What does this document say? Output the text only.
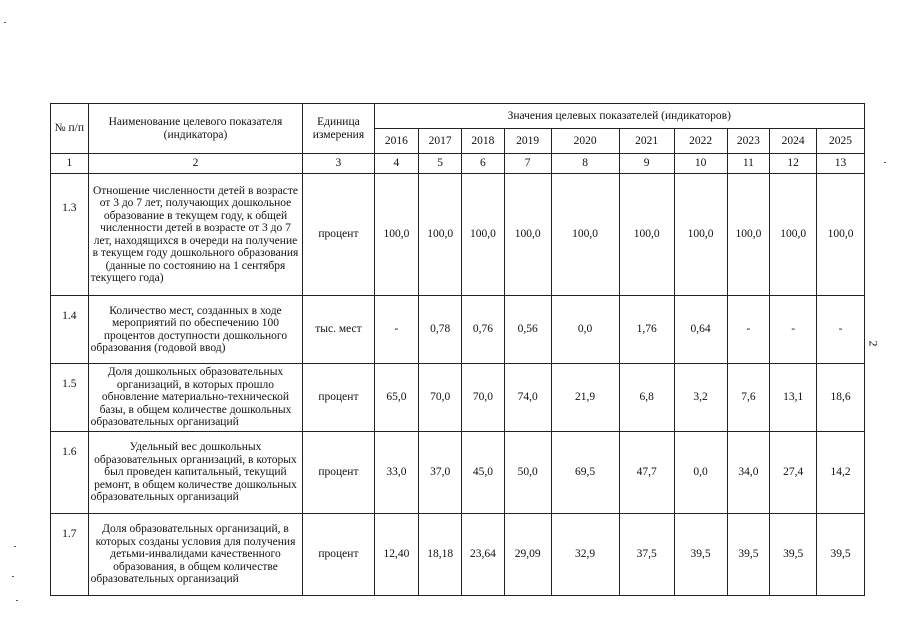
№ п/п	Наименование целевого показателя (индикатора)	Единица измерения	Значения целевых показателей (индикаторов)									
			2016	2017	2018	2019	2020	2021	2022	2023	2024	2025
1	2	3	4	5	6	7	8	9	10	11	12	13
1.3	Отношение численности детей в возрасте от 3 до 7 лет, получающих дошкольное образование в текущем году, к общей численности детей в возрасте от 3 до 7 лет, находящихся в очереди на получение в текущем году дошкольного образования (данные по состоянию на 1 сентября текущего года)	процент	100,0	100,0	100,0	100,0	100,0	100,0	100,0	100,0	100,0	100,0
1.4	Количество мест, созданных в ходе мероприятий по обеспечению 100 процентов доступности дошкольного образования (годовой ввод)	тыс. мест	-	0,78	0,76	0,56	0,0	1,76	0,64	-	-	-
1.5	Доля дошкольных образовательных организаций, в которых прошло обновление материально-технической базы, в общем количестве дошкольных образовательных организаций	процент	65,0	70,0	70,0	74,0	21,9	6,8	3,2	7,6	13,1	18,6
1.6	Удельный вес дошкольных образовательных организаций, в которых был проведен капитальный, текущий ремонт, в общем количестве дошкольных образовательных организаций	процент	33,0	37,0	45,0	50,0	69,5	47,7	0,0	34,0	27,4	14,2
1.7	Доля образовательных организаций, в которых созданы условия для получения детьми-инвалидами качественного образования, в общем количестве образовательных организаций	процент	12,40	18,18	23,64	29,09	32,9	37,5	39,5	39,5	39,5	39,5
2
